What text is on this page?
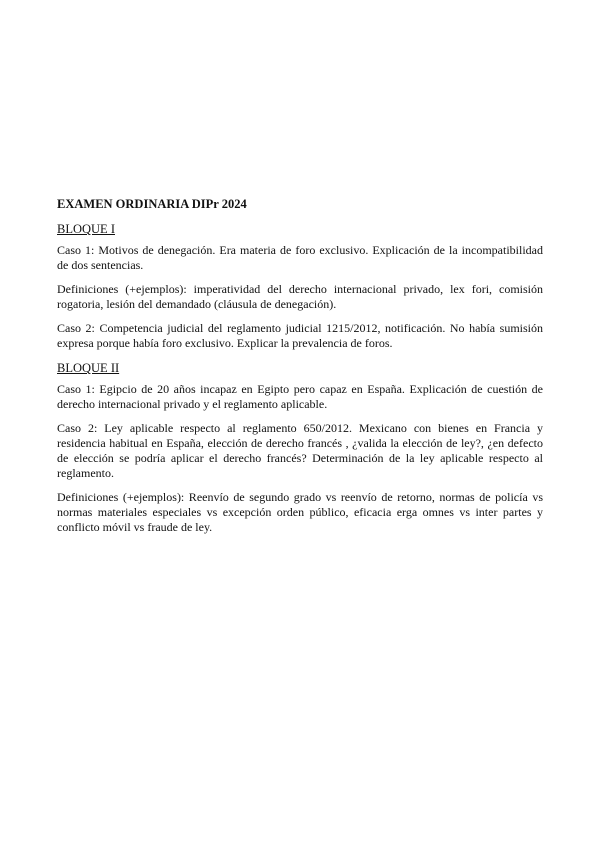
EXAMEN ORDINARIA DIPr 2024
BLOQUE I

Caso 1: Motivos de denegación. Era materia de foro exclusivo. Explicación de la incompatibilidad de dos sentencias.

Definiciones (+ejemplos): imperatividad del derecho internacional privado, lex fori, comisión rogatoria, lesión del demandado (cláusula de denegación).

Caso 2: Competencia judicial del reglamento judicial 1215/2012, notificación. No había sumisión expresa porque había foro exclusivo. Explicar la prevalencia de foros.

BLOQUE II

Caso 1: Egipcio de 20 años incapaz en Egipto pero capaz en España. Explicación de cuestión de derecho internacional privado y el reglamento aplicable.

Caso 2: Ley aplicable respecto al reglamento 650/2012. Mexicano con bienes en Francia y residencia habitual en España, elección de derecho francés , ¿valida la elección de ley?, ¿en defecto de elección se podría aplicar el derecho francés? Determinación de la ley aplicable respecto al reglamento.

Definiciones (+ejemplos): Reenvío de segundo grado vs reenvío de retorno, normas de policía vs normas materiales especiales vs excepción orden público, eficacia erga omnes vs inter partes y conflicto móvil vs fraude de ley.
